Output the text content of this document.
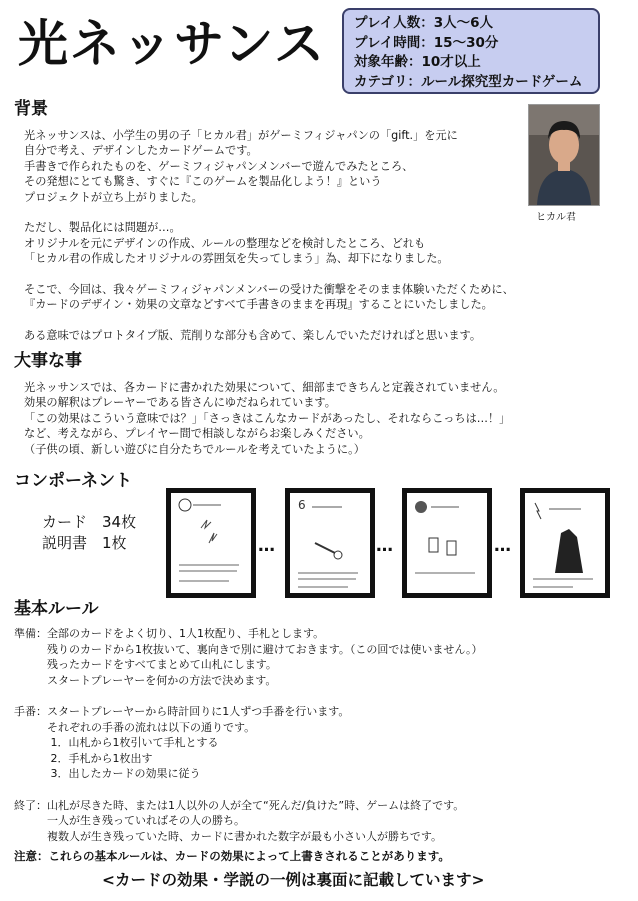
光ネッサンス プレイ人数：3人～6人
プレイ時間：15～30分
対象年齢：10才以上
カテゴリ：ルール探究型カードゲーム
背景
光ネッサンスは、小学生の男の子「ヒカル君」がゲーミフィジャパンの「gift.」を元に
自分で考え、デザインしたカードゲームです。
手書きで作られたものを、ゲーミフィジャパンメンバーで遊んでみたところ、
その発想にとても驚き、すぐに『このゲームを製品化しよう！』という
プロジェクトが立ち上がりました。
ただし、製品化には問題が…。
オリジナルを元にデザインの作成、ルールの整理などを検討したところ、どれも
「ヒカル君の作成したオリジナルの雰囲気を失ってしまう」為、却下になりました。
そこで、今回は、我々ゲーミフィジャパンメンバーの受けた衝撃をそのまま体験いただくために、
『カードのデザイン・効果の文章などすべて手書きのままを再現』することにいたしました。
ある意味ではプロトタイプ版、荒削りな部分も含めて、楽しんでいただければと思います。
ヒカル君
大事な事
光ネッサンスでは、各カードに書かれた効果について、細部まできちんと定義されていません。
効果の解釈はプレーヤーである皆さんにゆだねられています。
「この効果はこういう意味では？」「さっきはこんなカードがあったし、それならこっちは…！」
など、考えながら、プレイヤー間で相談しながらお楽しみください。
（子供の頃、新しい遊びに自分たちでルールを考えていたように。）
コンポーネント
カード　34枚
説明書　1枚	…
6
…	…
基本ルール
準備：全部のカードをよく切り、1人1枚配り、手札とします。
　　　残りのカードから1枚抜いて、裏向きで別に避けておきます。（この回では使いません。）
　　　残ったカードをすべてまとめて山札にします。
　　　スタートプレーヤーを何かの方法で決めます。
手番：スタートプレーヤーから時計回りに1人ずつ手番を行います。
　　　それぞれの手番の流れは以下の通りです。
　　　 1．山札から1枚引いて手札とする
　　　 2．手札から1枚出す
　　　 3．出したカードの効果に従う
終了：山札が尽きた時、または1人以外の人が全て“死んだ/負けた”時、ゲームは終了です。
　　　一人が生き残っていればその人の勝ち。
　　　複数人が生き残っていた時、カードに書かれた数字が最も小さい人が勝ちです。
注意：これらの基本ルールは、カードの効果によって上書きされることがあります。
<カードの効果・学説の一例は裏面に記載しています>
